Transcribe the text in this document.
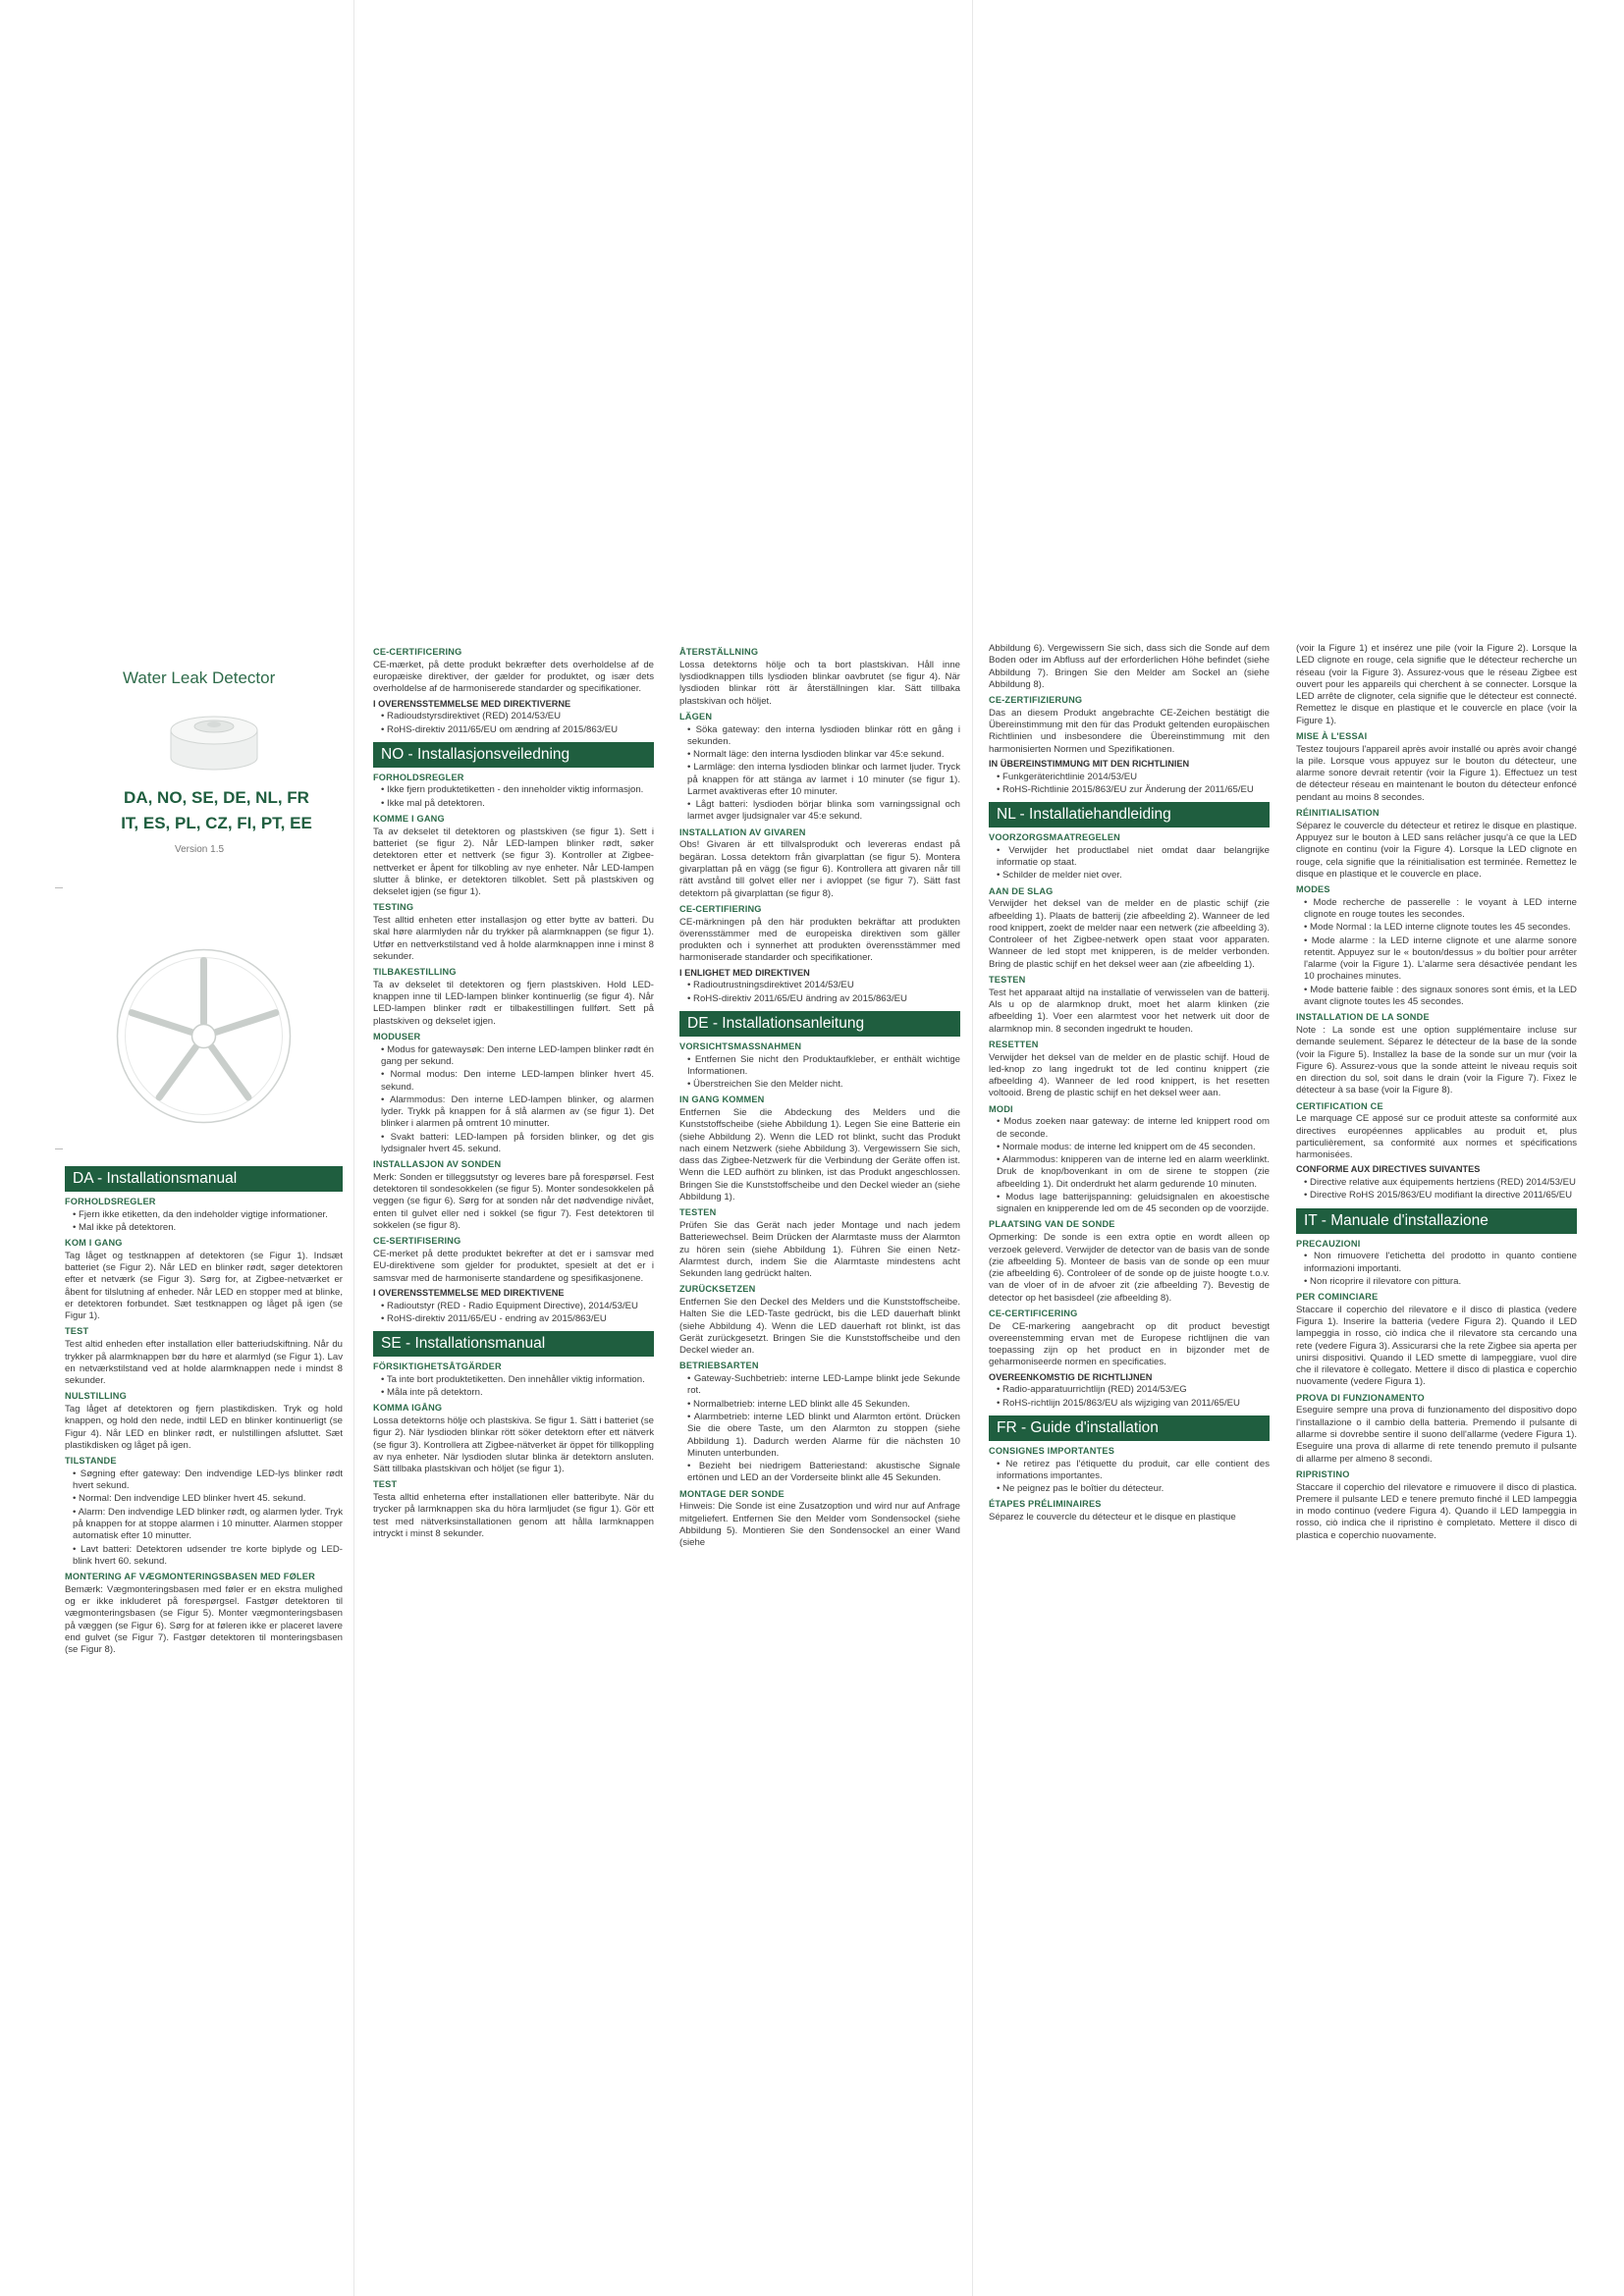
Water Leak Detector
DA, NO, SE, DE, NL, FR
IT, ES, PL, CZ, FI, PT, EE
Version 1.5
DA - Installationsmanual
FORHOLDSREGLER
• Fjern ikke etiketten, da den indeholder vigtige informationer.
• Mal ikke på detektoren.
KOM I GANG

Tag låget og testknappen af detektoren (se Figur 1). Indsæt batteriet (se Figur 2). Når LED en blinker rødt, søger detektoren efter et netværk (se Figur 3). Sørg for, at Zigbee-netværket er åbent for tilslutning af enheder. Når LED en stopper med at blinke, er detektoren forbundet. Sæt testknappen og låget på igen (se Figur 1).

TEST

Test altid enheden efter installation eller batteriudskiftning. Når du trykker på alarmknappen bør du høre et alarmlyd (se Figur 1). Lav en netværkstilstand ved at holde alarmknappen nede i mindst 8 sekunder.

NULSTILLING

Tag låget af detektoren og fjern plastikdisken. Tryk og hold knappen, og hold den nede, indtil LED en blinker kontinuerligt (se Figur 4). Når LED en blinker rødt, er nulstillingen afsluttet. Sæt plastikdisken og låget på igen.

TILSTANDE
• Søgning efter gateway: Den indvendige LED-lys blinker rødt hvert sekund.
• Normal: Den indvendige LED blinker hvert 45. sekund.
• Alarm: Den indvendige LED blinker rødt, og alarmen lyder. Tryk på knappen for at stoppe alarmen i 10 minutter. Alarmen stopper automatisk efter 10 minutter.
• Lavt batteri: Detektoren udsender tre korte biplyde og LED-blink hvert 60. sekund.
MONTERING AF VÆGMONTERINGSBASEN MED FØLER

Bemærk: Vægmonteringsbasen med føler er en ekstra mulighed og er ikke inkluderet på forespørgsel. Fastgør detektoren til vægmonteringsbasen (se Figur 5). Monter vægmonteringsbasen på væggen (se Figur 6). Sørg for at føleren ikke er placeret lavere end gulvet (se Figur 7). Fastgør detektoren til monteringsbasen (se Figur 8).

CE-CERTIFICERING

CE-mærket, på dette produkt bekræfter dets overholdelse af de europæiske direktiver, der gælder for produktet, og især dets overholdelse af de harmoniserede standarder og specifikationer.

I OVERENSSTEMMELSE MED DIREKTIVERNE
• Radioudstyrsdirektivet (RED) 2014/53/EU
• RoHS-direktiv 2011/65/EU om ændring af 2015/863/EU
NO - Installasjonsveiledning
FORHOLDSREGLER
• Ikke fjern produktetiketten - den inneholder viktig informasjon.
• Ikke mal på detektoren.
KOMME I GANG

Ta av dekselet til detektoren og plastskiven (se figur 1). Sett i batteriet (se figur 2). Når LED-lampen blinker rødt, søker detektoren etter et nettverk (se figur 3). Kontroller at Zigbee-nettverket er åpent for tilkobling av nye enheter. Når LED-lampen slutter å blinke, er detektoren tilkoblet. Sett på plastskiven og dekselet igjen (se figur 1).

TESTING

Test alltid enheten etter installasjon og etter bytte av batteri. Du skal høre alarmlyden når du trykker på alarmknappen (se figur 1). Utfør en nettverkstilstand ved å holde alarmknappen inne i minst 8 sekunder.

TILBAKESTILLING

Ta av dekselet til detektoren og fjern plastskiven. Hold LED-knappen inne til LED-lampen blinker kontinuerlig (se figur 4). Når LED-lampen blinker rødt er tilbakestillingen fullført. Sett på plastskiven og dekselet igjen.

MODUSER
• Modus for gatewaysøk: Den interne LED-lampen blinker rødt én gang per sekund.
• Normal modus: Den interne LED-lampen blinker hvert 45. sekund.
• Alarmmodus: Den interne LED-lampen blinker, og alarmen lyder. Trykk på knappen for å slå alarmen av (se figur 1). Det blinker i alarmen på omtrent 10 minutter.
• Svakt batteri: LED-lampen på forsiden blinker, og det gis lydsignaler hvert 45. sekund.
INSTALLASJON AV SONDEN

Merk: Sonden er tilleggsutstyr og leveres bare på forespørsel. Fest detektoren til sondesokkelen (se figur 5). Monter sondesokkelen på veggen (se figur 6). Sørg for at sonden når det nødvendige nivået, enten til gulvet eller ned i sokkel (se figur 7). Fest detektoren til sokkelen (se figur 8).

CE-SERTIFISERING

CE-merket på dette produktet bekrefter at det er i samsvar med EU-direktivene som gjelder for produktet, spesielt at det er i samsvar med de harmoniserte standardene og spesifikasjonene.

I OVERENSSTEMMELSE MED DIREKTIVENE
• Radioutstyr (RED - Radio Equipment Directive), 2014/53/EU
• RoHS-direktiv 2011/65/EU - endring av 2015/863/EU
SE - Installationsmanual
FÖRSIKTIGHETSÅTGÄRDER
• Ta inte bort produktetiketten. Den innehåller viktig information.
• Måla inte på detektorn.
KOMMA IGÅNG

Lossa detektorns hölje och plastskiva. Se figur 1. Sätt i batteriet (se figur 2). När lysdioden blinkar rött söker detektorn efter ett nätverk (se figur 3). Kontrollera att Zigbee-nätverket är öppet för tillkoppling av nya enheter. När lysdioden slutar blinka är detektorn ansluten. Sätt tillbaka plastskivan och höljet (se figur 1).

TEST

Testa alltid enheterna efter installationen eller batteribyte. När du trycker på larmknappen ska du höra larmljudet (se figur 1). Gör ett test med nätverksinstallationen genom att hålla larmknappen intryckt i minst 8 sekunder.

ÅTERSTÄLLNING

Lossa detektorns hölje och ta bort plastskivan. Håll inne lysdiodknappen tills lysdioden blinkar oavbrutet (se figur 4). När lysdioden blinkar rött är återställningen klar. Sätt tillbaka plastskivan och höljet.

LÄGEN
• Söka gateway: den interna lysdioden blinkar rött en gång i sekunden.
• Normalt läge: den interna lysdioden blinkar var 45:e sekund.
• Larmläge: den interna lysdioden blinkar och larmet ljuder. Tryck på knappen för att stänga av larmet i 10 minuter (se figur 1). Larmet avaktiveras efter 10 minuter.
• Lågt batteri: lysdioden börjar blinka som varningssignal och larmet avger ljudsignaler var 45:e sekund.
INSTALLATION AV GIVAREN

Obs! Givaren är ett tillvalsprodukt och levereras endast på begäran. Lossa detektorn från givarplattan (se figur 5). Montera givarplattan på en vägg (se figur 6). Kontrollera att givaren når till rätt avstånd till golvet eller ner i avloppet (se figur 7). Sätt fast detektorn på givarplattan (se figur 8).

CE-CERTIFIERING

CE-märkningen på den här produkten bekräftar att produkten överensstämmer med de europeiska direktiven som gäller produkten och i synnerhet att produkten överensstämmer med harmoniserade standarder och specifikationer.

I ENLIGHET MED DIREKTIVEN
• Radioutrustningsdirektivet 2014/53/EU
• RoHS-direktiv 2011/65/EU ändring av 2015/863/EU
DE - Installationsanleitung
VORSICHTSMASSNAHMEN
• Entfernen Sie nicht den Produktaufkleber, er enthält wichtige Informationen.
• Überstreichen Sie den Melder nicht.
IN GANG KOMMEN

Entfernen Sie die Abdeckung des Melders und die Kunststoffscheibe (siehe Abbildung 1). Legen Sie eine Batterie ein (siehe Abbildung 2). Wenn die LED rot blinkt, sucht das Produkt nach einem Netzwerk (siehe Abbildung 3). Vergewissern Sie sich, dass das Zigbee-Netzwerk für die Verbindung der Geräte offen ist. Wenn die LED aufhört zu blinken, ist das Produkt angeschlossen. Bringen Sie die Kunststoffscheibe und den Deckel wieder an (siehe Abbildung 1).

TESTEN

Prüfen Sie das Gerät nach jeder Montage und nach jedem Batteriewechsel. Beim Drücken der Alarmtaste muss der Alarmton zu hören sein (siehe Abbildung 1). Führen Sie einen Netz-Alarmtest durch, indem Sie die Alarmtaste mindestens acht Sekunden lang gedrückt halten.

ZURÜCKSETZEN

Entfernen Sie den Deckel des Melders und die Kunststoffscheibe. Halten Sie die LED-Taste gedrückt, bis die LED dauerhaft blinkt (siehe Abbildung 4). Wenn die LED dauerhaft rot blinkt, ist das Gerät zurückgesetzt. Bringen Sie die Kunststoffscheibe und den Deckel wieder an.

BETRIEBSARTEN
• Gateway-Suchbetrieb: interne LED-Lampe blinkt jede Sekunde rot.
• Normalbetrieb: interne LED blinkt alle 45 Sekunden.
• Alarmbetrieb: interne LED blinkt und Alarmton ertönt. Drücken Sie die obere Taste, um den Alarmton zu stoppen (siehe Abbildung 1). Dadurch werden Alarme für die nächsten 10 Minuten unterbunden.
• Bezieht bei niedrigem Batteriestand: akustische Signale ertönen und LED an der Vorderseite blinkt alle 45 Sekunden.
MONTAGE DER SONDE

Hinweis: Die Sonde ist eine Zusatzoption und wird nur auf Anfrage mitgeliefert. Entfernen Sie den Melder vom Sondensockel (siehe Abbildung 5). Montieren Sie den Sondensockel an einer Wand (siehe

Abbildung 6). Vergewissern Sie sich, dass sich die Sonde auf dem Boden oder im Abfluss auf der erforderlichen Höhe befindet (siehe Abbildung 7). Bringen Sie den Melder am Sockel an (siehe Abbildung 8).

CE-ZERTIFIZIERUNG

Das an diesem Produkt angebrachte CE-Zeichen bestätigt die Übereinstimmung mit den für das Produkt geltenden europäischen Richtlinien und insbesondere die Übereinstimmung mit den harmonisierten Normen und Spezifikationen.

IN ÜBEREINSTIMMUNG MIT DEN RICHTLINIEN
• Funkgeräterichtlinie 2014/53/EU
• RoHS-Richtlinie 2015/863/EU zur Änderung der 2011/65/EU
NL - Installatiehandleiding
VOORZORGSMAATREGELEN
• Verwijder het productlabel niet omdat daar belangrijke informatie op staat.
• Schilder de melder niet over.
AAN DE SLAG

Verwijder het deksel van de melder en de plastic schijf (zie afbeelding 1). Plaats de batterij (zie afbeelding 2). Wanneer de led rood knippert, zoekt de melder naar een netwerk (zie afbeelding 3). Controleer of het Zigbee-netwerk open staat voor apparaten. Wanneer de led stopt met knipperen, is de melder verbonden. Bring de plastic schijf en het deksel weer aan (zie afbeelding 1).

TESTEN

Test het apparaat altijd na installatie of verwisselen van de batterij. Als u op de alarmknop drukt, moet het alarm klinken (zie afbeelding 1). Voer een alarmtest voor het netwerk uit door de alarmknop min. 8 seconden ingedrukt te houden.

RESETTEN

Verwijder het deksel van de melder en de plastic schijf. Houd de led-knop zo lang ingedrukt tot de led continu knippert (zie afbeelding 4). Wanneer de led rood knippert, is het resetten voltooid. Breng de plastic schijf en het deksel weer aan.

MODI
• Modus zoeken naar gateway: de interne led knippert rood om de seconde.
• Normale modus: de interne led knippert om de 45 seconden.
• Alarmmodus: knipperen van de interne led en alarm weerklinkt. Druk de knop/bovenkant in om de sirene te stoppen (zie afbeelding 1). Dit onderdrukt het alarm gedurende 10 minuten.
• Modus lage batterijspanning: geluidsignalen en akoestische signalen en knipperende led om de 45 seconden op de voorzijde.
PLAATSING VAN DE SONDE

Opmerking: De sonde is een extra optie en wordt alleen op verzoek geleverd. Verwijder de detector van de basis van de sonde (zie afbeelding 5). Monteer de basis van de sonde op een muur (zie afbeelding 6). Controleer of de sonde op de juiste hoogte t.o.v. van de vloer of in de afvoer zit (zie afbeelding 7). Bevestig de detector op het basisdeel (zie afbeelding 8).

CE-CERTIFICERING

De CE-markering aangebracht op dit product bevestigt overeenstemming ervan met de Europese richtlijnen die van toepassing zijn op het product en in bijzonder met de geharmoniseerde normen en specificaties.

OVEREENKOMSTIG DE RICHTLIJNEN
• Radio-apparatuurrichtlijn (RED) 2014/53/EG
• RoHS-richtlijn 2015/863/EU als wijziging van 2011/65/EU
FR - Guide d'installation
CONSIGNES IMPORTANTES
• Ne retirez pas l'étiquette du produit, car elle contient des informations importantes.
• Ne peignez pas le boîtier du détecteur.
ÉTAPES PRÉLIMINAIRES

Séparez le couvercle du détecteur et le disque en plastique

(voir la Figure 1) et insérez une pile (voir la Figure 2). Lorsque la LED clignote en rouge, cela signifie que le détecteur recherche un réseau (voir la Figure 3). Assurez-vous que le réseau Zigbee est ouvert pour les appareils qui cherchent à se connecter. Lorsque la LED arrête de clignoter, cela signifie que le détecteur est connecté. Remettez le disque en plastique et le couvercle en place (voir la Figure 1).

MISE À L'ESSAI

Testez toujours l'appareil après avoir installé ou après avoir changé la pile. Lorsque vous appuyez sur le bouton du détecteur, une alarme sonore devrait retentir (voir la Figure 1). Effectuez un test de détecteur réseau en maintenant le bouton du détecteur enfoncé pendant au moins 8 secondes.

RÉINITIALISATION

Séparez le couvercle du détecteur et retirez le disque en plastique. Appuyez sur le bouton à LED sans relâcher jusqu'à ce que la LED clignote en continu (voir la Figure 4). Lorsque la LED clignote en rouge, cela signifie que la réinitialisation est terminée. Remettez le disque en plastique et le couvercle en place.

MODES
• Mode recherche de passerelle : le voyant à LED interne clignote en rouge toutes les secondes.
• Mode Normal : la LED interne clignote toutes les 45 secondes.
• Mode alarme : la LED interne clignote et une alarme sonore retentit. Appuyez sur le « bouton/dessus » du boîtier pour arrêter l'alarme (voir la Figure 1). L'alarme sera désactivée pendant les 10 prochaines minutes.
• Mode batterie faible : des signaux sonores sont émis, et la LED avant clignote toutes les 45 secondes.
INSTALLATION DE LA SONDE

Note : La sonde est une option supplémentaire incluse sur demande seulement. Séparez le détecteur de la base de la sonde (voir la Figure 5). Installez la base de la sonde sur un mur (voir la Figure 6). Assurez-vous que la sonde atteint le niveau requis soit en direction du sol, soit dans le drain (voir la Figure 7). Fixez le détecteur à sa base (voir la Figure 8).

CERTIFICATION CE

Le marquage CE apposé sur ce produit atteste sa conformité aux directives européennes applicables au produit et, plus particulièrement, sa conformité aux normes et spécifications harmonisées.

CONFORME AUX DIRECTIVES SUIVANTES
• Directive relative aux équipements hertziens (RED) 2014/53/EU
• Directive RoHS 2015/863/EU modifiant la directive 2011/65/EU
IT - Manuale d'installazione
PRECAUZIONI
• Non rimuovere l'etichetta del prodotto in quanto contiene informazioni importanti.
• Non ricoprire il rilevatore con pittura.
PER COMINCIARE

Staccare il coperchio del rilevatore e il disco di plastica (vedere Figura 1). Inserire la batteria (vedere Figura 2). Quando il LED lampeggia in rosso, ciò indica che il rilevatore sta cercando una rete (vedere Figura 3). Assicurarsi che la rete Zigbee sia aperta per unirsi dispositivi. Quando il LED smette di lampeggiare, vuol dire che il rilevatore è collegato. Mettere il disco di plastica e coperchio nuovamente (vedere Figura 1).

PROVA DI FUNZIONAMENTO

Eseguire sempre una prova di funzionamento del dispositivo dopo l'installazione o il cambio della batteria. Premendo il pulsante di allarme si dovrebbe sentire il suono dell'allarme (vedere Figura 1). Eseguire una prova di allarme di rete tenendo premuto il pulsante di allarme per almeno 8 secondi.

RIPRISTINO

Staccare il coperchio del rilevatore e rimuovere il disco di plastica. Premere il pulsante LED e tenere premuto finché il LED lampeggia in modo continuo (vedere Figura 4). Quando il LED lampeggia in rosso, ciò indica che il ripristino è completato. Mettere il disco di plastica e coperchio nuovamente.
